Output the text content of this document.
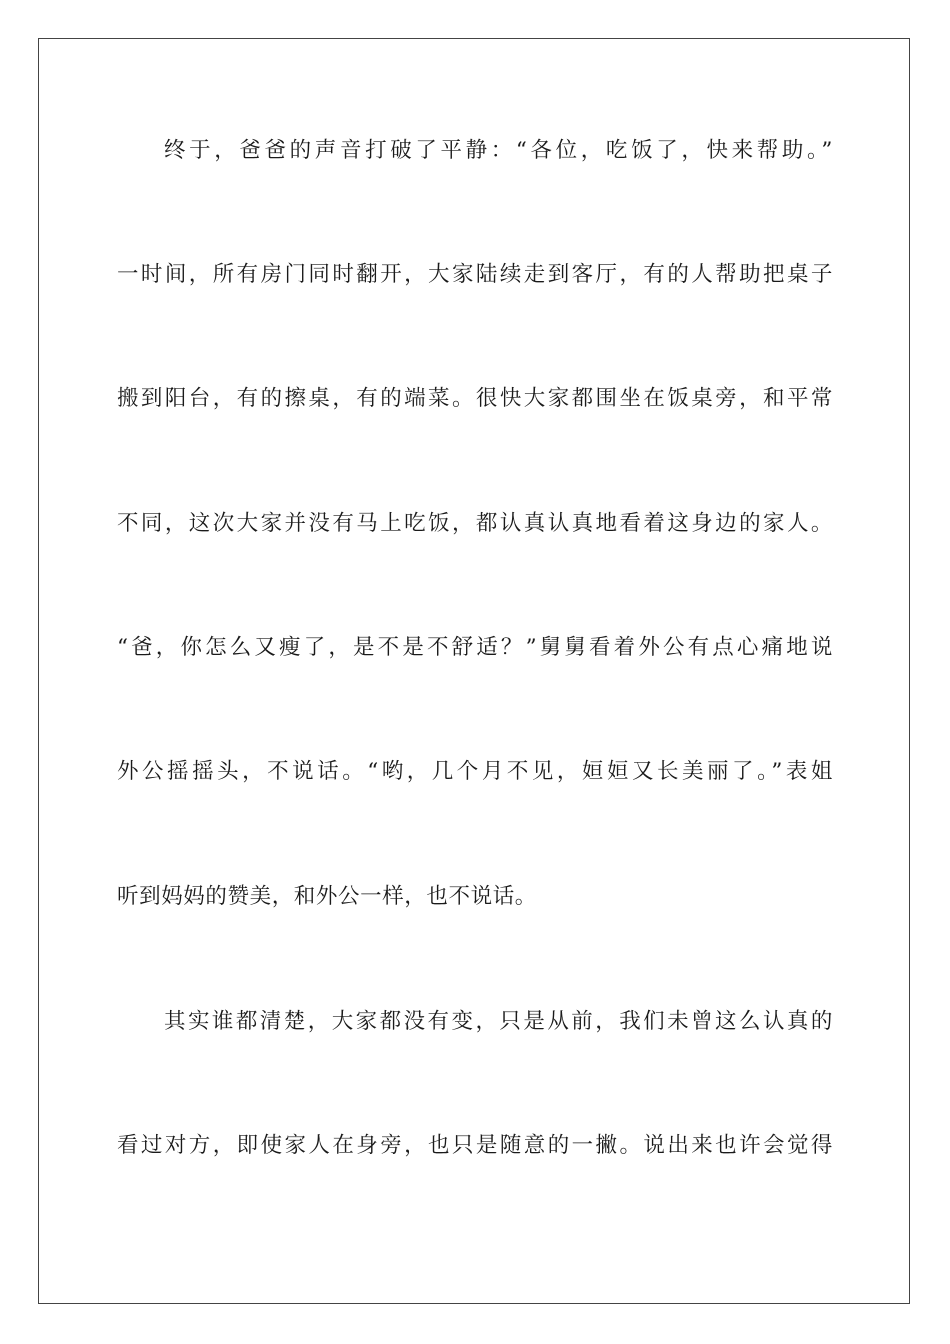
终于，爸爸的声音打破了平静：“各位，吃饭了，快来帮助。”
一时间，所有房门同时翻开，大家陆续走到客厅，有的人帮助把桌子
搬到阳台，有的擦桌，有的端菜。很快大家都围坐在饭桌旁，和平常
不同，这次大家并没有马上吃饭，都认真认真地看着这身边的家人。
“爸，你怎么又瘦了，是不是不舒适？”舅舅看着外公有点心痛地说
外公摇摇头，不说话。“哟，几个月不见，姮姮又长美丽了。”表姐
听到妈妈的赞美，和外公一样，也不说话。
其实谁都清楚，大家都没有变，只是从前，我们未曾这么认真的
看过对方，即使家人在身旁，也只是随意的一撇。说出来也许会觉得
